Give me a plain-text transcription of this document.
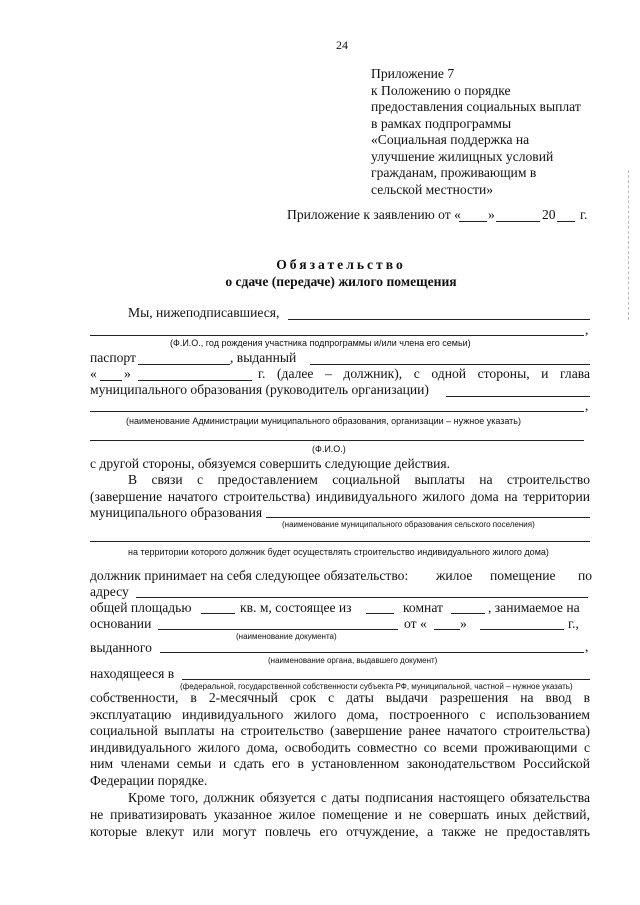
24
Приложение 7
к Положению о порядке
предоставления социальных выплат
в рамках подпрограммы
«Социальная поддержка на
улучшение жилищных условий
гражданам, проживающим в
сельской местности»
Приложение к заявлению от « »	20 г.
Обязательство
о сдаче (передаче) жилого помещения
Мы, нижеподписавшиеся,
,
(Ф.И.О., год рождения участника подпрограммы и/или члена его семьи)
паспорт	, выданный
« »	г. (далее – должник), с одной стороны, и глава
муниципального образования (руководитель организации)
,
(наименование Администрации муниципального образования, организации – нужное указать)
(Ф.И.О.)
с другой стороны, обязуемся совершить следующие действия.
В связи с предоставлением социальной выплаты на строительство
(завершение начатого строительства) индивидуального жилого дома на территории
муниципального образования
(наименование муниципального образования сельского поселения)
на территории которого должник будет осуществлять строительство индивидуального жилого дома)
должник принимает на себя следующее обязательство: жилое помещение по
адресу
общей площадью	кв. м, состоящее из	комнат	, занимаемое на
основании	от « »	г.,
(наименование документа)
выданного	,
(наименование органа, выдавшего документ)
находящееся в
(федеральной, государственной собственности субъекта РФ, муниципальной, частной – нужное указать)
собственности, в 2-месячный срок с даты выдачи разрешения на ввод в
эксплуатацию индивидуального жилого дома, построенного с использованием
социальной выплаты на строительство (завершение ранее начатого строительства)
индивидуального жилого дома, освободить совместно со всеми проживающими с
ним членами семьи и сдать его в установленном законодательством Российской
Федерации порядке.
Кроме того, должник обязуется с даты подписания настоящего обязательства
не приватизировать указанное жилое помещение и не совершать иных действий,
которые влекут или могут повлечь его отчуждение, а также не предоставлять
